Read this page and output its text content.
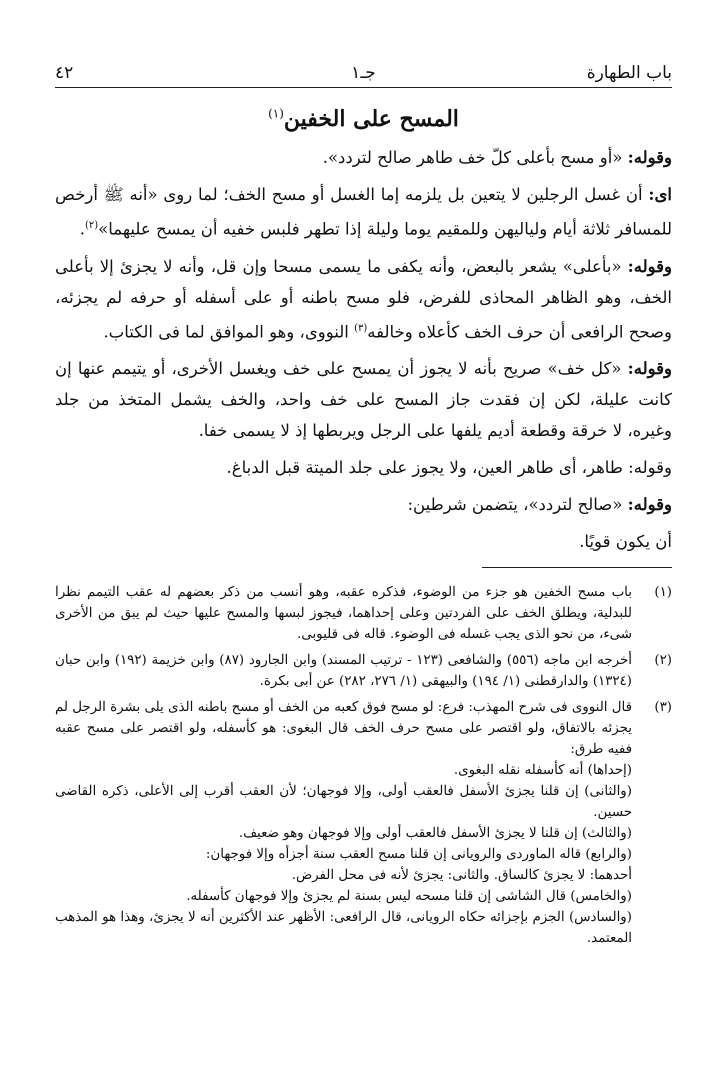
باب الطهارة
جـ١
٤٢
المسح على الخفين$^{(١)}$

وقوله: «أو مسح بأعلى كلّ خف طاهر صالح لتردد».

اى: أن غسل الرجلين لا يتعين بل يلزمه إما الغسل أو مسح الخف؛ لما روى «أنه ﷺ أرخص للمسافر ثلاثة أيام ولياليهن وللمقيم يوما وليلة إذا تطهر فلبس خفيه أن يمسح عليهما»$^{(٢)}$.

وقوله: «بأعلى» يشعر بالبعض، وأنه يكفى ما يسمى مسحا وإن قل، وأنه لا يجزئ إلا بأعلى الخف، وهو الظاهر المحاذى للفرض، فلو مسح باطنه أو على أسفله أو حرفه لم يجزئه، وصحح الرافعى أن حرف الخف كأعلاه وخالفه$^{(٣)}$ النووى، وهو الموافق لما فى الكتاب.

وقوله: «كل خف» صريح بأنه لا يجوز أن يمسح على خف ويغسل الأخرى، أو يتيمم عنها إن كانت عليلة، لكن إن فقدت جاز المسح على خف واحد، والخف يشمل المتخذ من جلد وغيره، لا خرقة وقطعة أديم يلفها على الرجل ويربطها إذ لا يسمى خفا.

وقوله: طاهر، أى طاهر العين، ولا يجوز على جلد الميتة قبل الدباغ.

وقوله: «صالح لتردد»، يتضمن شرطين:

أن يكون قويًا.

(١)
باب مسح الخفين هو جزء من الوضوء، فذكره عقبه، وهو أنسب من ذكر بعضهم له عقب التيمم نظرا للبدلية، ويطلق الخف على الفردتين وعلى إحداهما، فيجوز لبسها والمسح عليها حيث لم يبق من الأخرى شىء، من نحو الذى يجب غسله فى الوضوء. قاله فى قليوبى.
(٢)
أخرجه ابن ماجه (٥٥٦) والشافعى (١٢٣ - ترتيب المسند) وابن الجارود (٨٧) وابن خزيمة (١٩٢) وابن حبان (١٣٢٤) والدارقطنى (١/ ١٩٤) والبيهقى (١/ ٢٧٦، ٢٨٢) عن أبى بكرة.
(٣)
قال النووى فى شرح المهذب: فرع: لو مسح فوق كعبه من الخف أو مسح باطنه الذى يلى بشرة الرجل لم يجزئه بالاتفاق، ولو اقتصر على مسح حرف الخف قال البغوى: هو كأسفله، ولو اقتصر على مسح عقبه ففيه طرق:
(إحداها) أنه كأسفله نقله البغوى.
(والثانى) إن قلنا يجزئ الأسفل فالعقب أولى، وإلا فوجهان؛ لأن العقب أقرب إلى الأعلى، ذكره القاضى حسين.
(والثالث) إن قلنا لا يجزئ الأسفل فالعقب أولى وإلا فوجهان وهو ضعيف.
(والرابع) قاله الماوردى والرويانى إن قلنا مسح العقب سنة أجزأه وإلا فوجهان:
أحدهما: لا يجزئ كالساق. والثانى: يجزئ لأنه فى محل الفرض.
(والخامس) قال الشاشى إن قلنا مسحه ليس بسنة لم يجزئ وإلا فوجهان كأسفله.
(والسادس) الجزم بإجزائه حكاه الرويانى، قال الرافعى: الأظهر عند الأكثرين أنه لا يجزئ، وهذا هو المذهب المعتمد.
